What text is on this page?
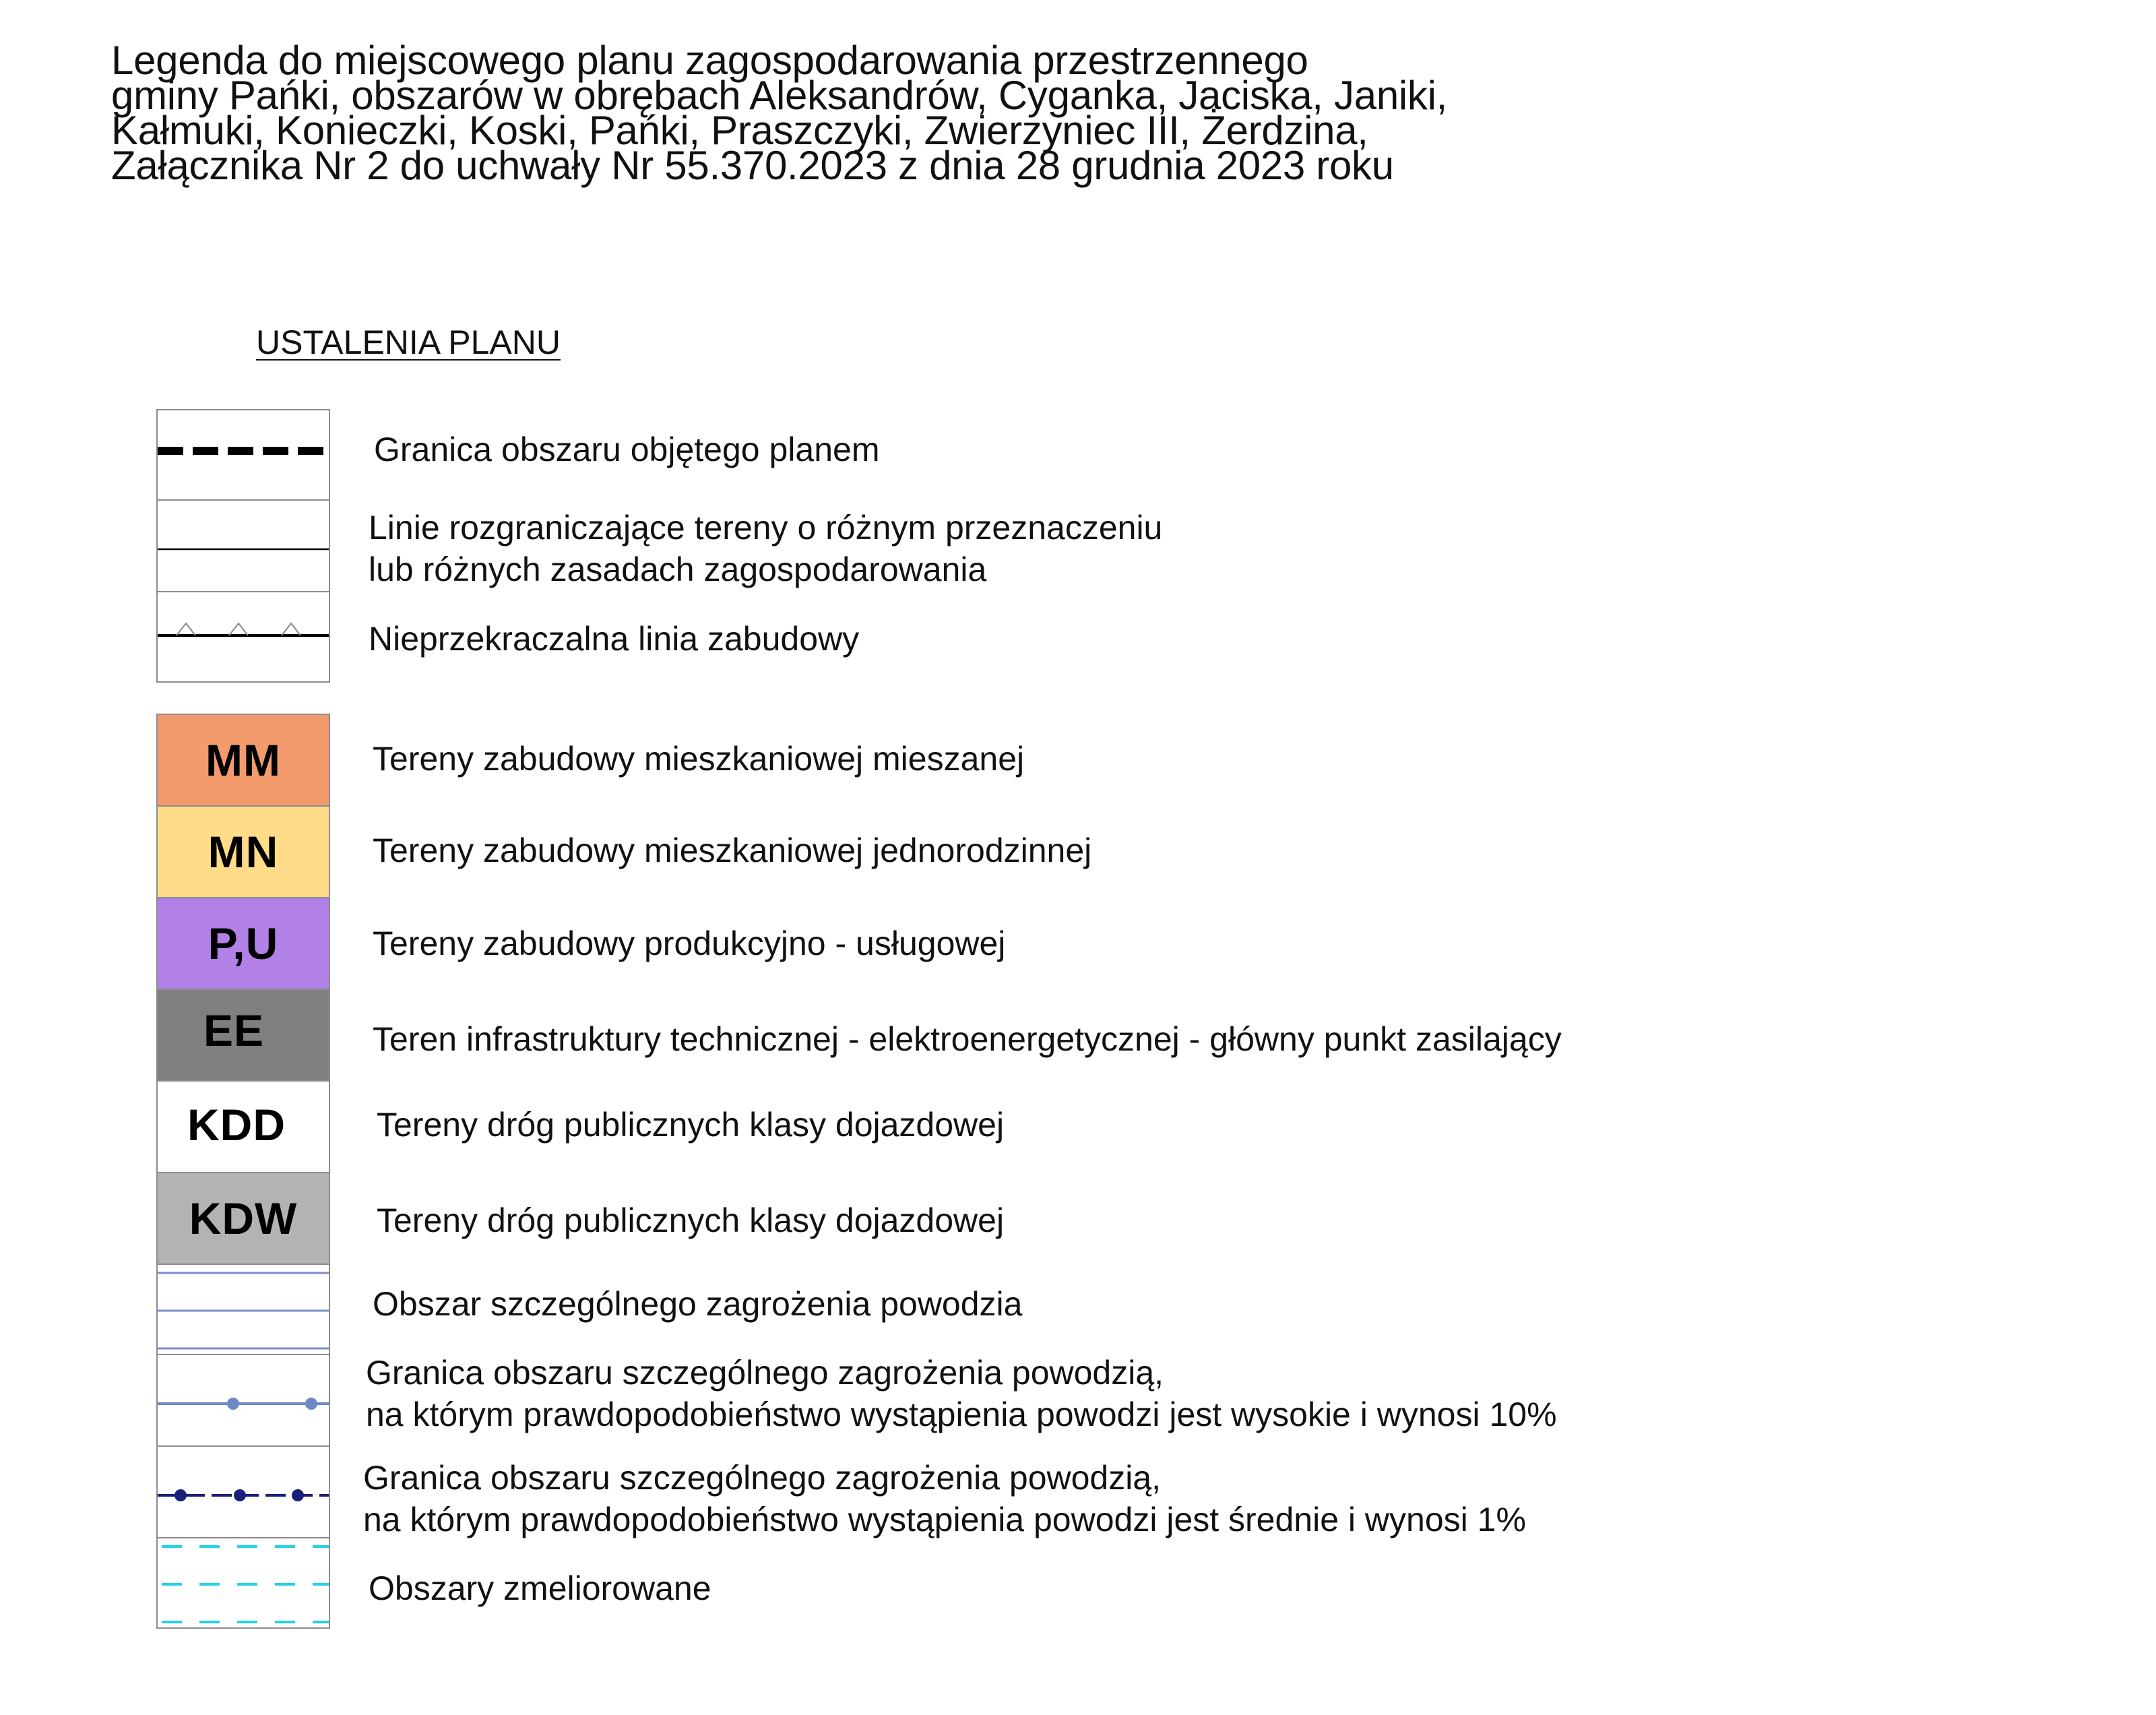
Legenda do miejscowego planu zagospodarowania przestrzennego
gminy Pańki, obszarów w obrębach Aleksandrów, Cyganka, Jaciska, Janiki,
Kałmuki, Konieczki, Koski, Pańki, Praszczyki, Zwierzyniec III, Żerdzina,
Załącznika Nr 2 do uchwały Nr 55.370.2023 z dnia 28 grudnia 2023 roku
USTALENIA PLANU
Granica obszaru objętego planem
Linie rozgraniczające tereny o różnym przeznaczeniu
lub różnych zasadach zagospodarowania
Nieprzekraczalna linia zabudowy
MM	Tereny zabudowy mieszkaniowej mieszanej
MN	Tereny zabudowy mieszkaniowej jednorodzinnej
P,U	Tereny zabudowy produkcyjno - usługowej
EE	Teren infrastruktury technicznej - elektroenergetycznej - główny punkt zasilający
KDD	Tereny dróg publicznych klasy dojazdowej
KDW	Tereny dróg publicznych klasy dojazdowej
Obszar szczególnego zagrożenia powodzia
Granica obszaru szczególnego zagrożenia powodzią,
na którym prawdopodobieństwo wystąpienia powodzi jest wysokie i wynosi 10%
Granica obszaru szczególnego zagrożenia powodzią,
na którym prawdopodobieństwo wystąpienia powodzi jest średnie i wynosi 1%
Obszary zmeliorowane
